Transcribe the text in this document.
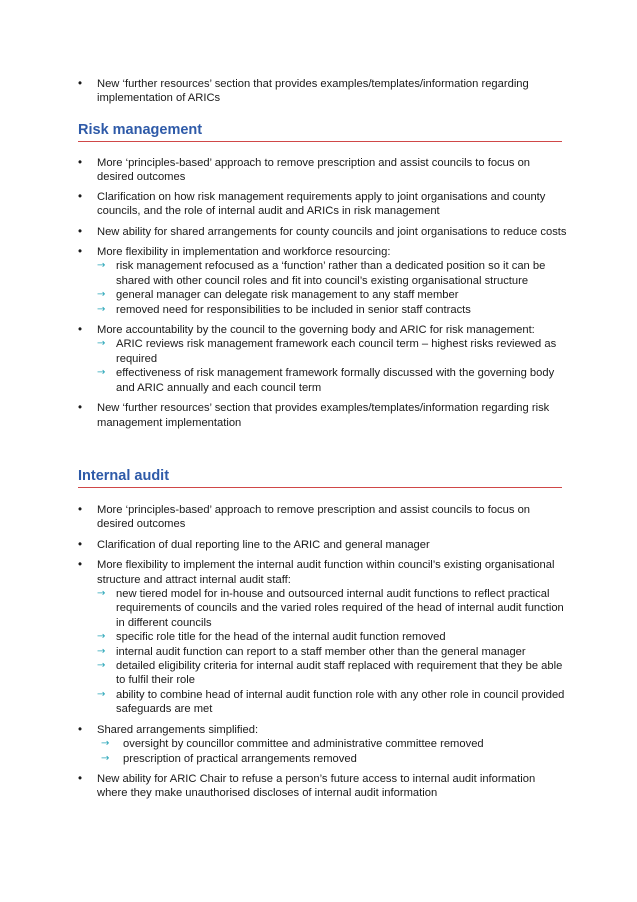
• New ‘further resources’ section that provides examples/templates/information regarding implementation of ARICs
Risk management
• More ‘principles-based’ approach to remove prescription and assist councils to focus on desired outcomes
• Clarification on how risk management requirements apply to joint organisations and county councils, and the role of internal audit and ARICs in risk management
• New ability for shared arrangements for county councils and joint organisations to reduce costs
• More flexibility in implementation and workforce resourcing:
→ risk management refocused as a ‘function’ rather than a dedicated position so it can be shared with other council roles and fit into council’s existing organisational structure
→ general manager can delegate risk management to any staff member
→ removed need for responsibilities to be included in senior staff contracts
• More accountability by the council to the governing body and ARIC for risk management:
→ ARIC reviews risk management framework each council term – highest risks reviewed as required
→ effectiveness of risk management framework formally discussed with the governing body and ARIC annually and each council term
• New ‘further resources’ section that provides examples/templates/information regarding risk management implementation
Internal audit
• More ‘principles-based’ approach to remove prescription and assist councils to focus on desired outcomes
• Clarification of dual reporting line to the ARIC and general manager
• More flexibility to implement the internal audit function within council’s existing organisational structure and attract internal audit staff:
→ new tiered model for in-house and outsourced internal audit functions to reflect practical requirements of councils and the varied roles required of the head of internal audit function in different councils
→ specific role title for the head of the internal audit function removed
→ internal audit function can report to a staff member other than the general manager
→ detailed eligibility criteria for internal audit staff replaced with requirement that they be able to fulfil their role
→ ability to combine head of internal audit function role with any other role in council provided safeguards are met
• Shared arrangements simplified:
→ oversight by councillor committee and administrative committee removed
→ prescription of practical arrangements removed
• New ability for ARIC Chair to refuse a person’s future access to internal audit information where they make unauthorised discloses of internal audit information
